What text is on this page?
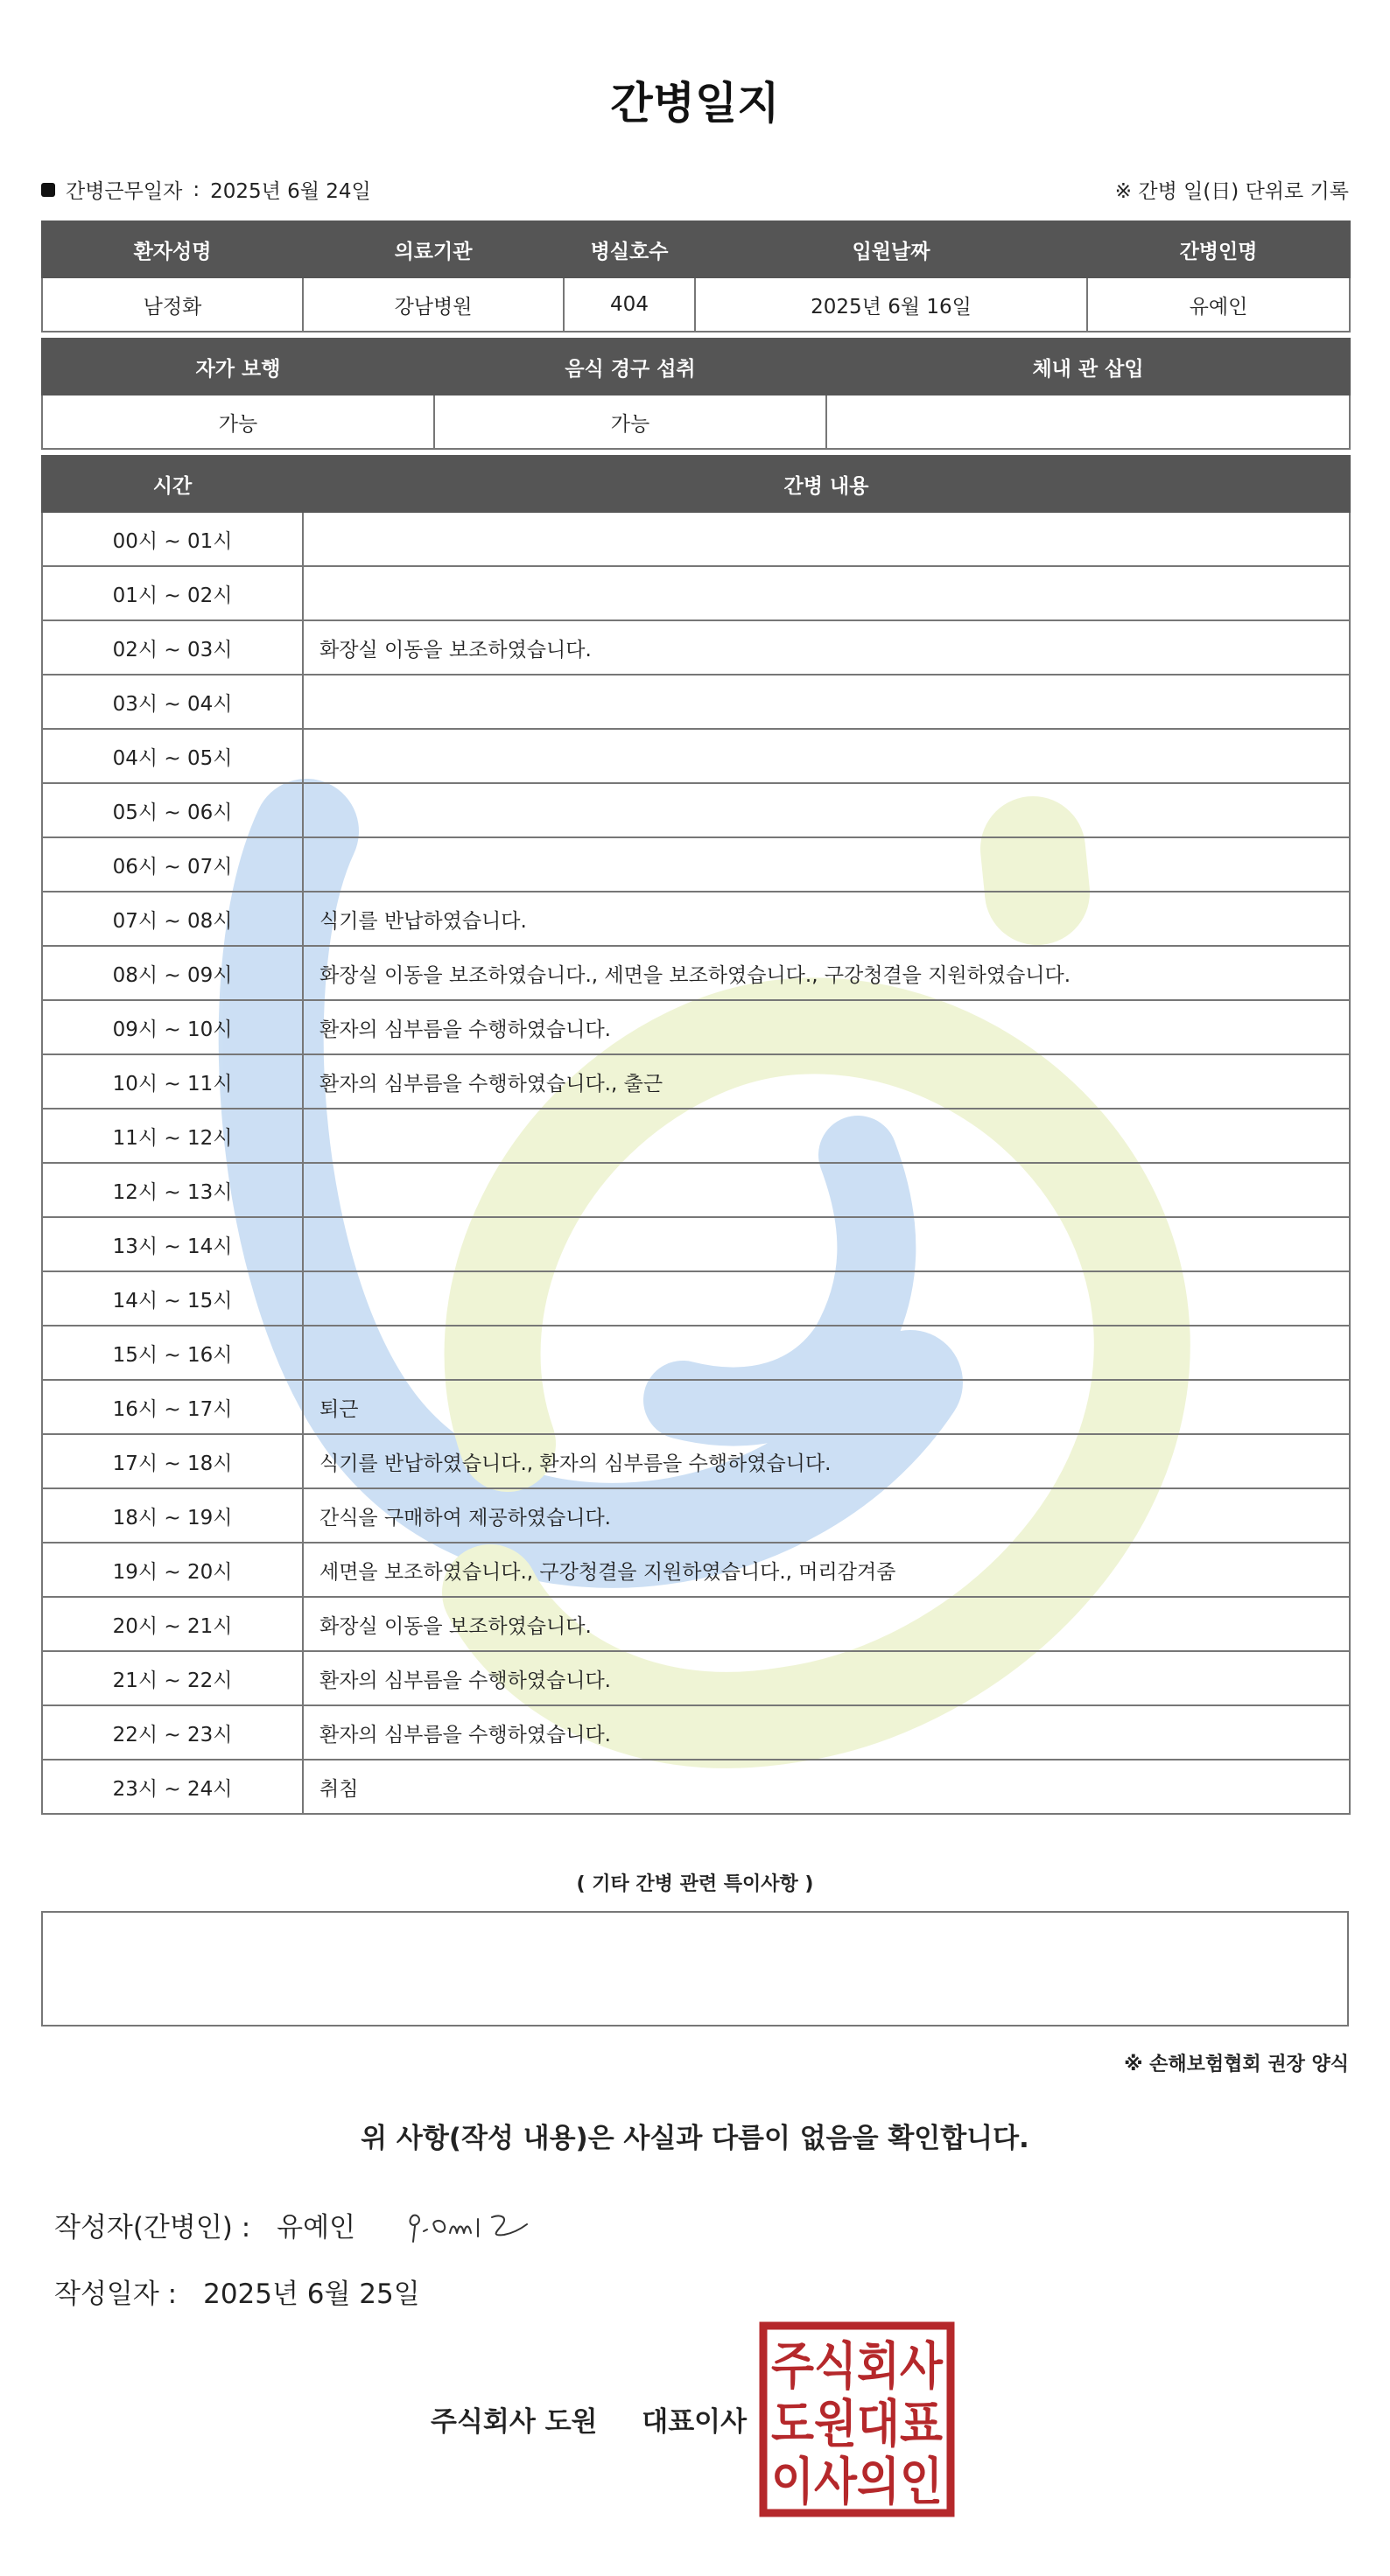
간병일지
간병근무일자 : 2025년 6월 24일	※ 간병 일(日) 단위로 기록
환자성명	의료기관	병실호수	입원날짜	간병인명
남정화	강남병원	404	2025년 6월 16일	유예인
자가 보행	음식 경구 섭취	체내 관 삽입
가능	가능	
시간	간병 내용
00시 ~ 01시	
01시 ~ 02시	
02시 ~ 03시	화장실 이동을 보조하였습니다.
03시 ~ 04시	
04시 ~ 05시	
05시 ~ 06시	
06시 ~ 07시	
07시 ~ 08시	식기를 반납하였습니다.
08시 ~ 09시	화장실 이동을 보조하였습니다., 세면을 보조하였습니다., 구강청결을 지원하였습니다.
09시 ~ 10시	환자의 심부름을 수행하였습니다.
10시 ~ 11시	환자의 심부름을 수행하였습니다., 출근
11시 ~ 12시	
12시 ~ 13시	
13시 ~ 14시	
14시 ~ 15시	
15시 ~ 16시	
16시 ~ 17시	퇴근
17시 ~ 18시	식기를 반납하였습니다., 환자의 심부름을 수행하였습니다.
18시 ~ 19시	간식을 구매하여 제공하였습니다.
19시 ~ 20시	세면을 보조하였습니다., 구강청결을 지원하였습니다., 머리감겨줌
20시 ~ 21시	화장실 이동을 보조하였습니다.
21시 ~ 22시	환자의 심부름을 수행하였습니다.
22시 ~ 23시	환자의 심부름을 수행하였습니다.
23시 ~ 24시	취침
( 기타 간병 관련 특이사항 )
※ 손해보험협회 권장 양식
위 사항(작성 내용)은 사실과 다름이 없음을 확인합니다.
작성자(간병인) : 유예인
작성일자 : 2025년 6월 25일
주식회사 도원 대표이사
주식회사
도원대표
이사의인
